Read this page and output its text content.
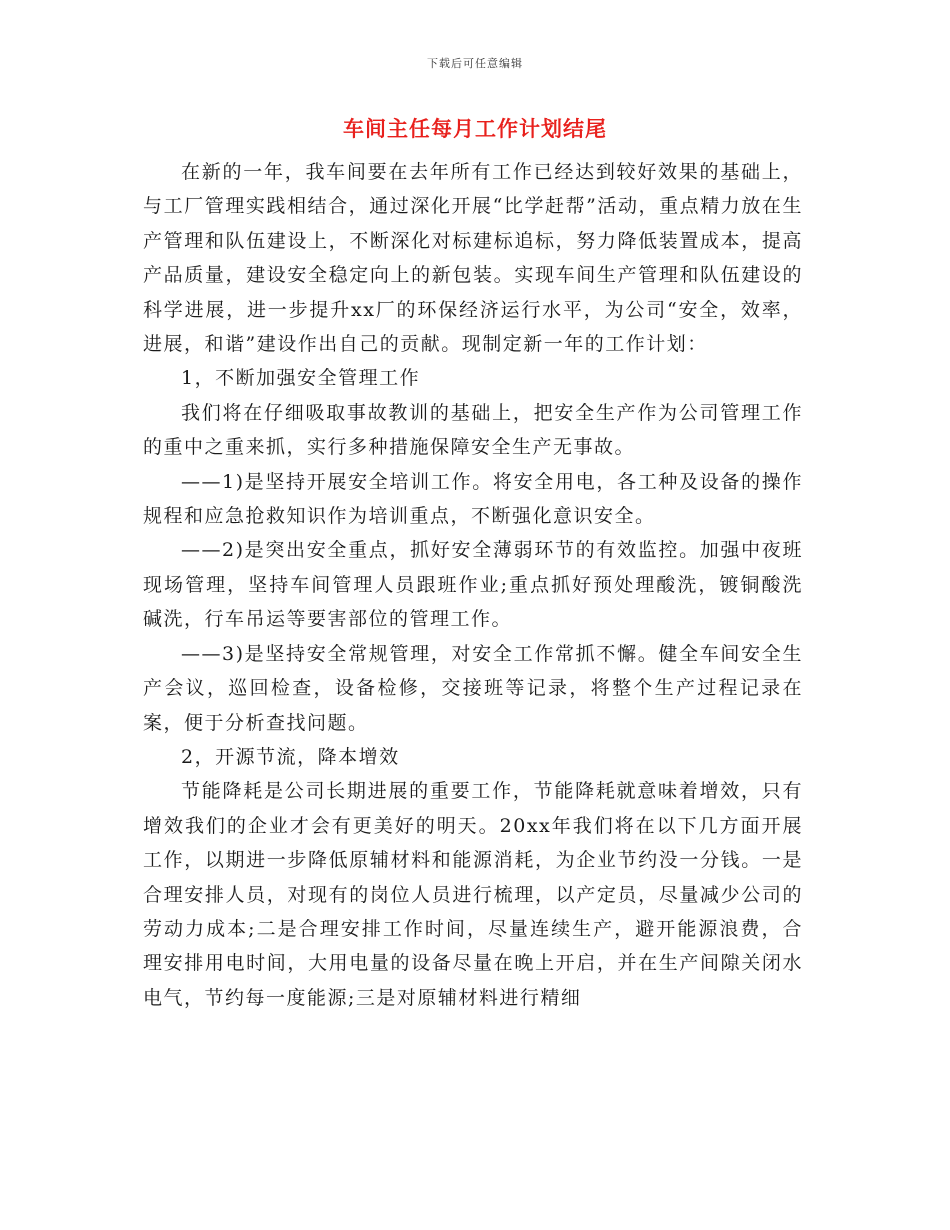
下载后可任意编辑
车间主任每月工作计划结尾

在新的一年，我车间要在去年所有工作已经达到较好效果的基础上，与工厂管理实践相结合，通过深化开展“比学赶帮”活动，重点精力放在生产管理和队伍建设上，不断深化对标建标追标，努力降低装置成本，提高产品质量，建设安全稳定向上的新包装。实现车间生产管理和队伍建设的科学进展，进一步提升xx厂的环保经济运行水平，为公司“安全，效率，进展，和谐”建设作出自己的贡献。现制定新一年的工作计划：

1，不断加强安全管理工作

我们将在仔细吸取事故教训的基础上，把安全生产作为公司管理工作的重中之重来抓，实行多种措施保障安全生产无事故。

——1)是坚持开展安全培训工作。将安全用电，各工种及设备的操作规程和应急抢救知识作为培训重点，不断强化意识安全。

——2)是突出安全重点，抓好安全薄弱环节的有效监控。加强中夜班现场管理，坚持车间管理人员跟班作业;重点抓好预处理酸洗，镀铜酸洗碱洗，行车吊运等要害部位的管理工作。

——3)是坚持安全常规管理，对安全工作常抓不懈。健全车间安全生产会议，巡回检查，设备检修，交接班等记录，将整个生产过程记录在案，便于分析查找问题。

2，开源节流，降本增效

节能降耗是公司长期进展的重要工作，节能降耗就意味着增效，只有增效我们的企业才会有更美好的明天。20xx年我们将在以下几方面开展工作，以期进一步降低原辅材料和能源消耗，为企业节约没一分钱。一是合理安排人员，对现有的岗位人员进行梳理，以产定员，尽量减少公司的劳动力成本;二是合理安排工作时间，尽量连续生产，避开能源浪费，合理安排用电时间，大用电量的设备尽量在晚上开启，并在生产间隙关闭水电气，节约每一度能源;三是对原辅材料进行精细
